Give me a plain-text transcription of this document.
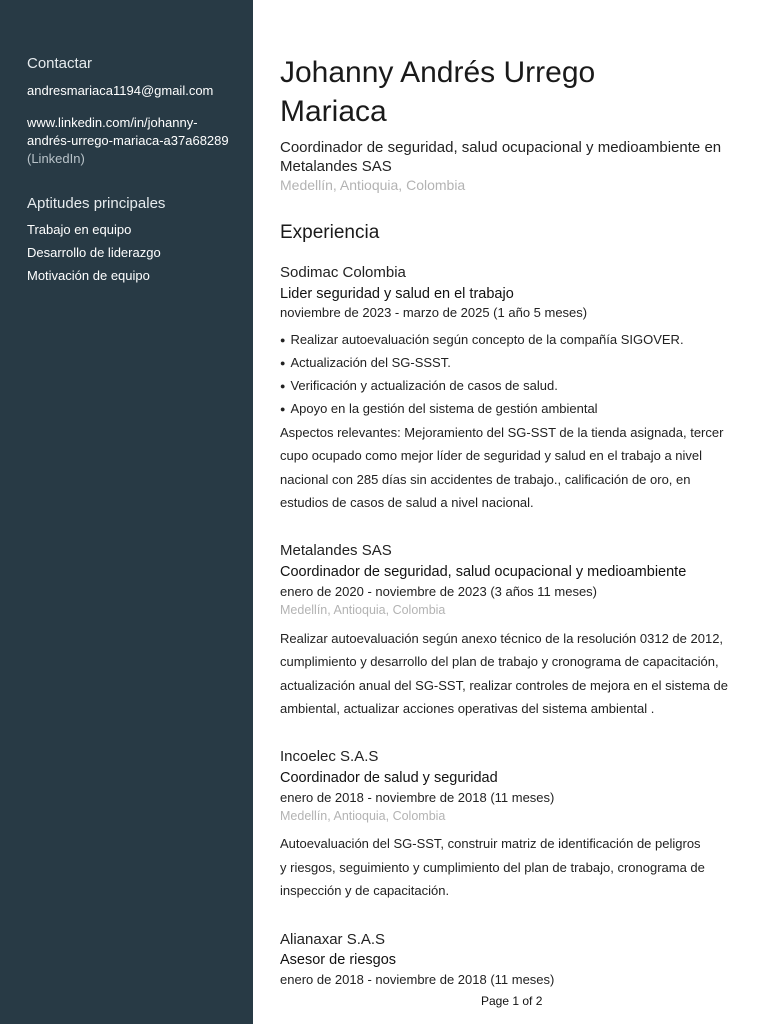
Contactar
andresmariaca1194@gmail.com
www.linkedin.com/in/johanny-
andrés-urrego-mariaca-a37a68289
(LinkedIn)
Aptitudes principales
Trabajo en equipo
Desarrollo de liderazgo
Motivación de equipo
Johanny Andrés Urrego
Mariaca
Coordinador de seguridad, salud ocupacional y medioambiente en
Metalandes SAS
Medellín, Antioquia, Colombia
Experiencia
Sodimac Colombia
Lider seguridad y salud en el trabajo
noviembre de 2023 - marzo de 2025 (1 año 5 meses)
● Realizar autoevaluación según concepto de la compañía SIGOVER.
● Actualización del SG-SSST.
● Verificación y actualización de casos de salud.
● Apoyo en la gestión del sistema de gestión ambiental
Aspectos relevantes: Mejoramiento del SG-SST de la tienda asignada, tercer
cupo ocupado como mejor líder de seguridad y salud en el trabajo a nivel
nacional con 285 días sin accidentes de trabajo., calificación de oro, en
estudios de casos de salud a nivel nacional.
Metalandes SAS
Coordinador de seguridad, salud ocupacional y medioambiente
enero de 2020 - noviembre de 2023 (3 años 11 meses)
Medellín, Antioquia, Colombia
Realizar autoevaluación según anexo técnico de la resolución 0312 de 2012,
cumplimiento y desarrollo del plan de trabajo y cronograma de capacitación,
actualización anual del SG-SST, realizar controles de mejora en el sistema de
ambiental, actualizar acciones operativas del sistema ambiental .
Incoelec S.A.S
Coordinador de salud y seguridad
enero de 2018 - noviembre de 2018 (11 meses)
Medellín, Antioquia, Colombia
Autoevaluación del SG-SST, construir matriz de identificación de peligros
y riesgos, seguimiento y cumplimiento del plan de trabajo, cronograma de
inspección y de capacitación.
Alianaxar S.A.S
Asesor de riesgos
enero de 2018 - noviembre de 2018 (11 meses)
Page 1 of 2
